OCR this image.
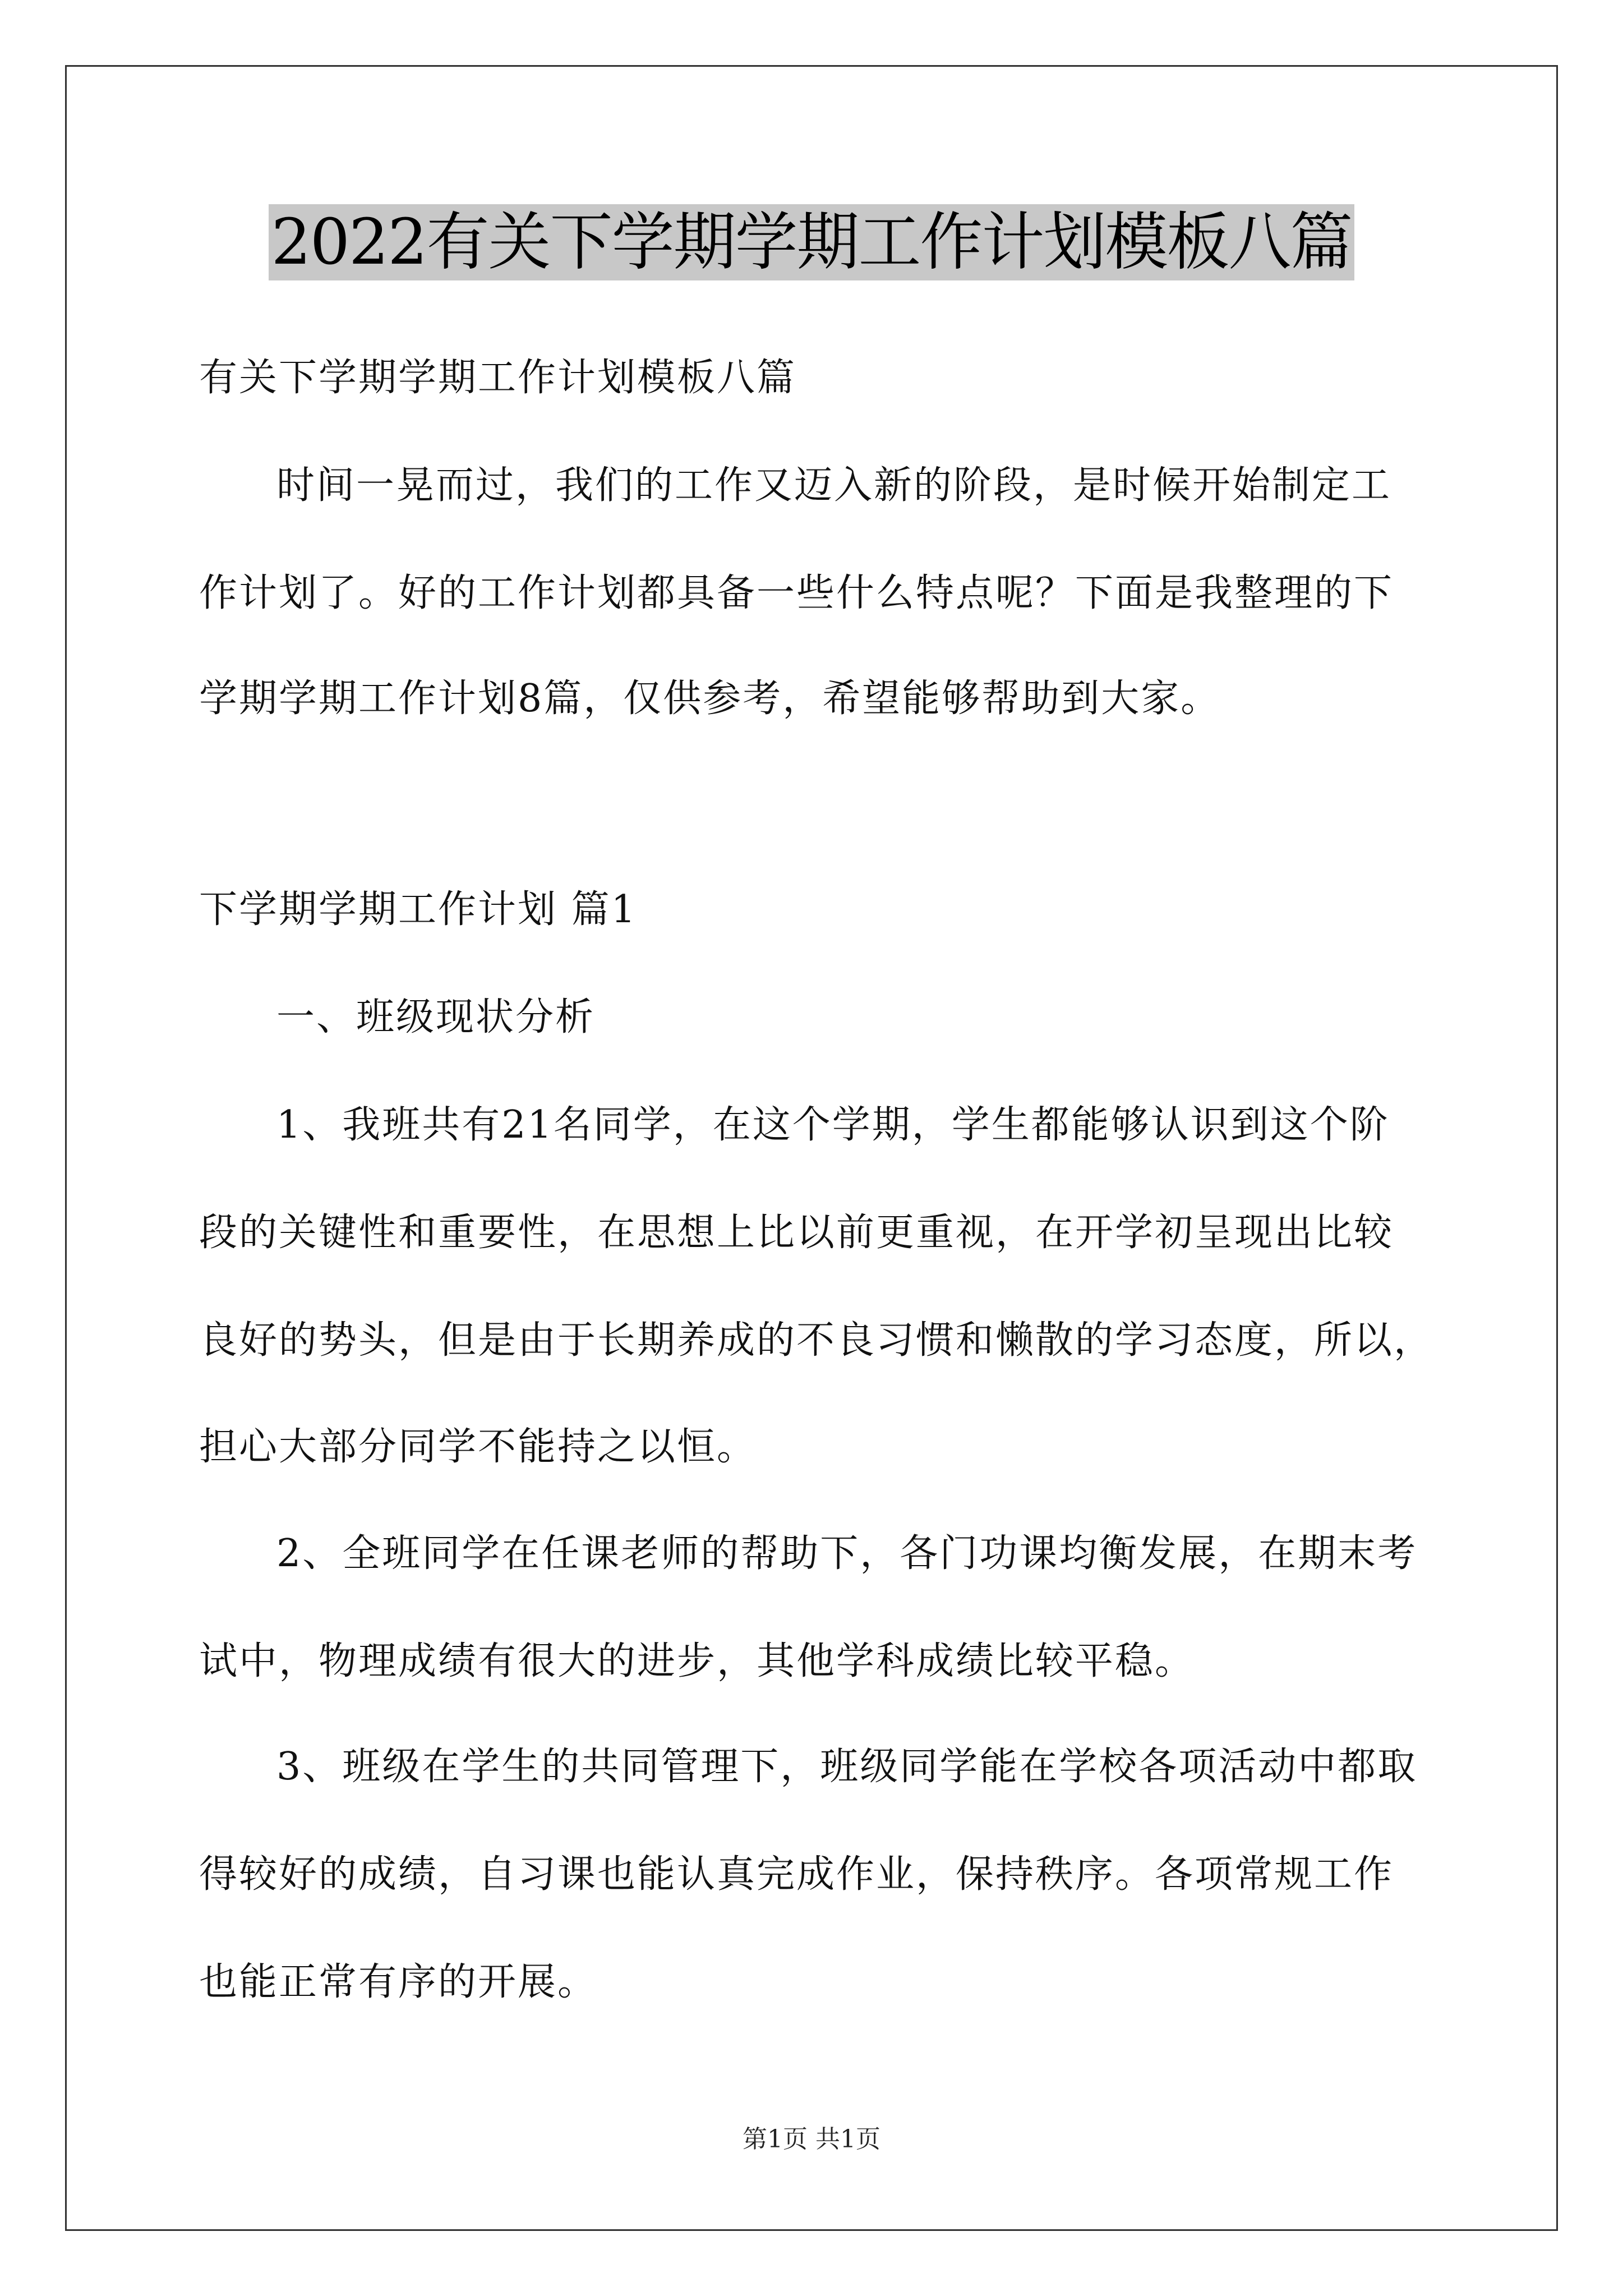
2022有关下学期学期工作计划模板八篇
有关下学期学期工作计划模板八篇
时间一晃而过，我们的工作又迈入新的阶段，是时候开始制定工
作计划了。好的工作计划都具备一些什么特点呢？下面是我整理的下
学期学期工作计划8篇，仅供参考，希望能够帮助到大家。
下学期学期工作计划 篇1
一、班级现状分析
1、我班共有21名同学，在这个学期，学生都能够认识到这个阶
段的关键性和重要性，在思想上比以前更重视，在开学初呈现出比较
良好的势头，但是由于长期养成的不良习惯和懒散的学习态度，所以，
担心大部分同学不能持之以恒。
2、全班同学在任课老师的帮助下，各门功课均衡发展，在期末考
试中，物理成绩有很大的进步，其他学科成绩比较平稳。
3、班级在学生的共同管理下，班级同学能在学校各项活动中都取
得较好的成绩，自习课也能认真完成作业，保持秩序。各项常规工作
也能正常有序的开展。
第1页 共1页
